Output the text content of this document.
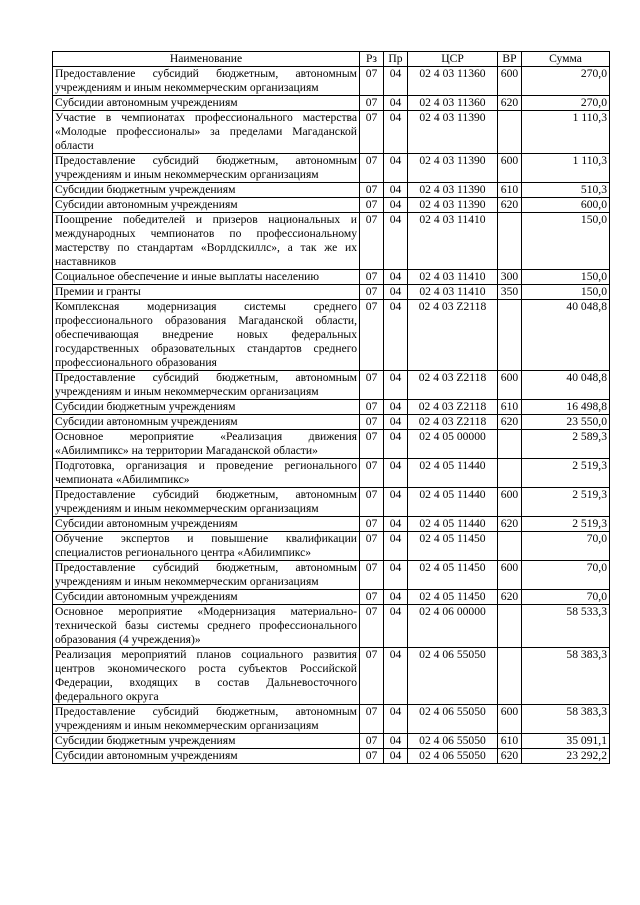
Наименование	Рз	Пр	ЦСР	ВР	Сумма
Предоставление субсидий бюджетным, автономным учреждениям и иным некоммерческим организациям	07	04	02 4 03 11360	600	270,0
Субсидии автономным учреждениям	07	04	02 4 03 11360	620	270,0
Участие в чемпионатах профессионального мастерства «Молодые профессионалы» за пределами Магаданской области	07	04	02 4 03 11390		1 110,3
Предоставление субсидий бюджетным, автономным учреждениям и иным некоммерческим организациям	07	04	02 4 03 11390	600	1 110,3
Субсидии бюджетным учреждениям	07	04	02 4 03 11390	610	510,3
Субсидии автономным учреждениям	07	04	02 4 03 11390	620	600,0
Поощрение победителей и призеров национальных и международных чемпионатов по профессиональному мастерству по стандартам «Ворлдскиллс», а так же их наставников	07	04	02 4 03 11410		150,0
Социальное обеспечение и иные выплаты населению	07	04	02 4 03 11410	300	150,0
Премии и гранты	07	04	02 4 03 11410	350	150,0
Комплексная модернизация системы среднего профессионального образования Магаданской области, обеспечивающая внедрение новых федеральных государственных образовательных стандартов среднего профессионального образования	07	04	02 4 03 Z2118		40 048,8
Предоставление субсидий бюджетным, автономным учреждениям и иным некоммерческим организациям	07	04	02 4 03 Z2118	600	40 048,8
Субсидии бюджетным учреждениям	07	04	02 4 03 Z2118	610	16 498,8
Субсидии автономным учреждениям	07	04	02 4 03 Z2118	620	23 550,0
Основное мероприятие «Реализация движения «Абилимпикс» на территории Магаданской области»	07	04	02 4 05 00000		2 589,3
Подготовка, организация и проведение регионального чемпионата «Абилимпикс»	07	04	02 4 05 11440		2 519,3
Предоставление субсидий бюджетным, автономным учреждениям и иным некоммерческим организациям	07	04	02 4 05 11440	600	2 519,3
Субсидии автономным учреждениям	07	04	02 4 05 11440	620	2 519,3
Обучение экспертов и повышение квалификации специалистов регионального центра «Абилимпикс»	07	04	02 4 05 11450		70,0
Предоставление субсидий бюджетным, автономным учреждениям и иным некоммерческим организациям	07	04	02 4 05 11450	600	70,0
Субсидии автономным учреждениям	07	04	02 4 05 11450	620	70,0
Основное мероприятие «Модернизация материально-технической базы системы среднего профессионального образования (4 учреждения)»	07	04	02 4 06 00000		58 533,3
Реализация мероприятий планов социального развития центров экономического роста субъектов Российской Федерации, входящих в состав Дальневосточного федерального округа	07	04	02 4 06 55050		58 383,3
Предоставление субсидий бюджетным, автономным учреждениям и иным некоммерческим организациям	07	04	02 4 06 55050	600	58 383,3
Субсидии бюджетным учреждениям	07	04	02 4 06 55050	610	35 091,1
Субсидии автономным учреждениям	07	04	02 4 06 55050	620	23 292,2
